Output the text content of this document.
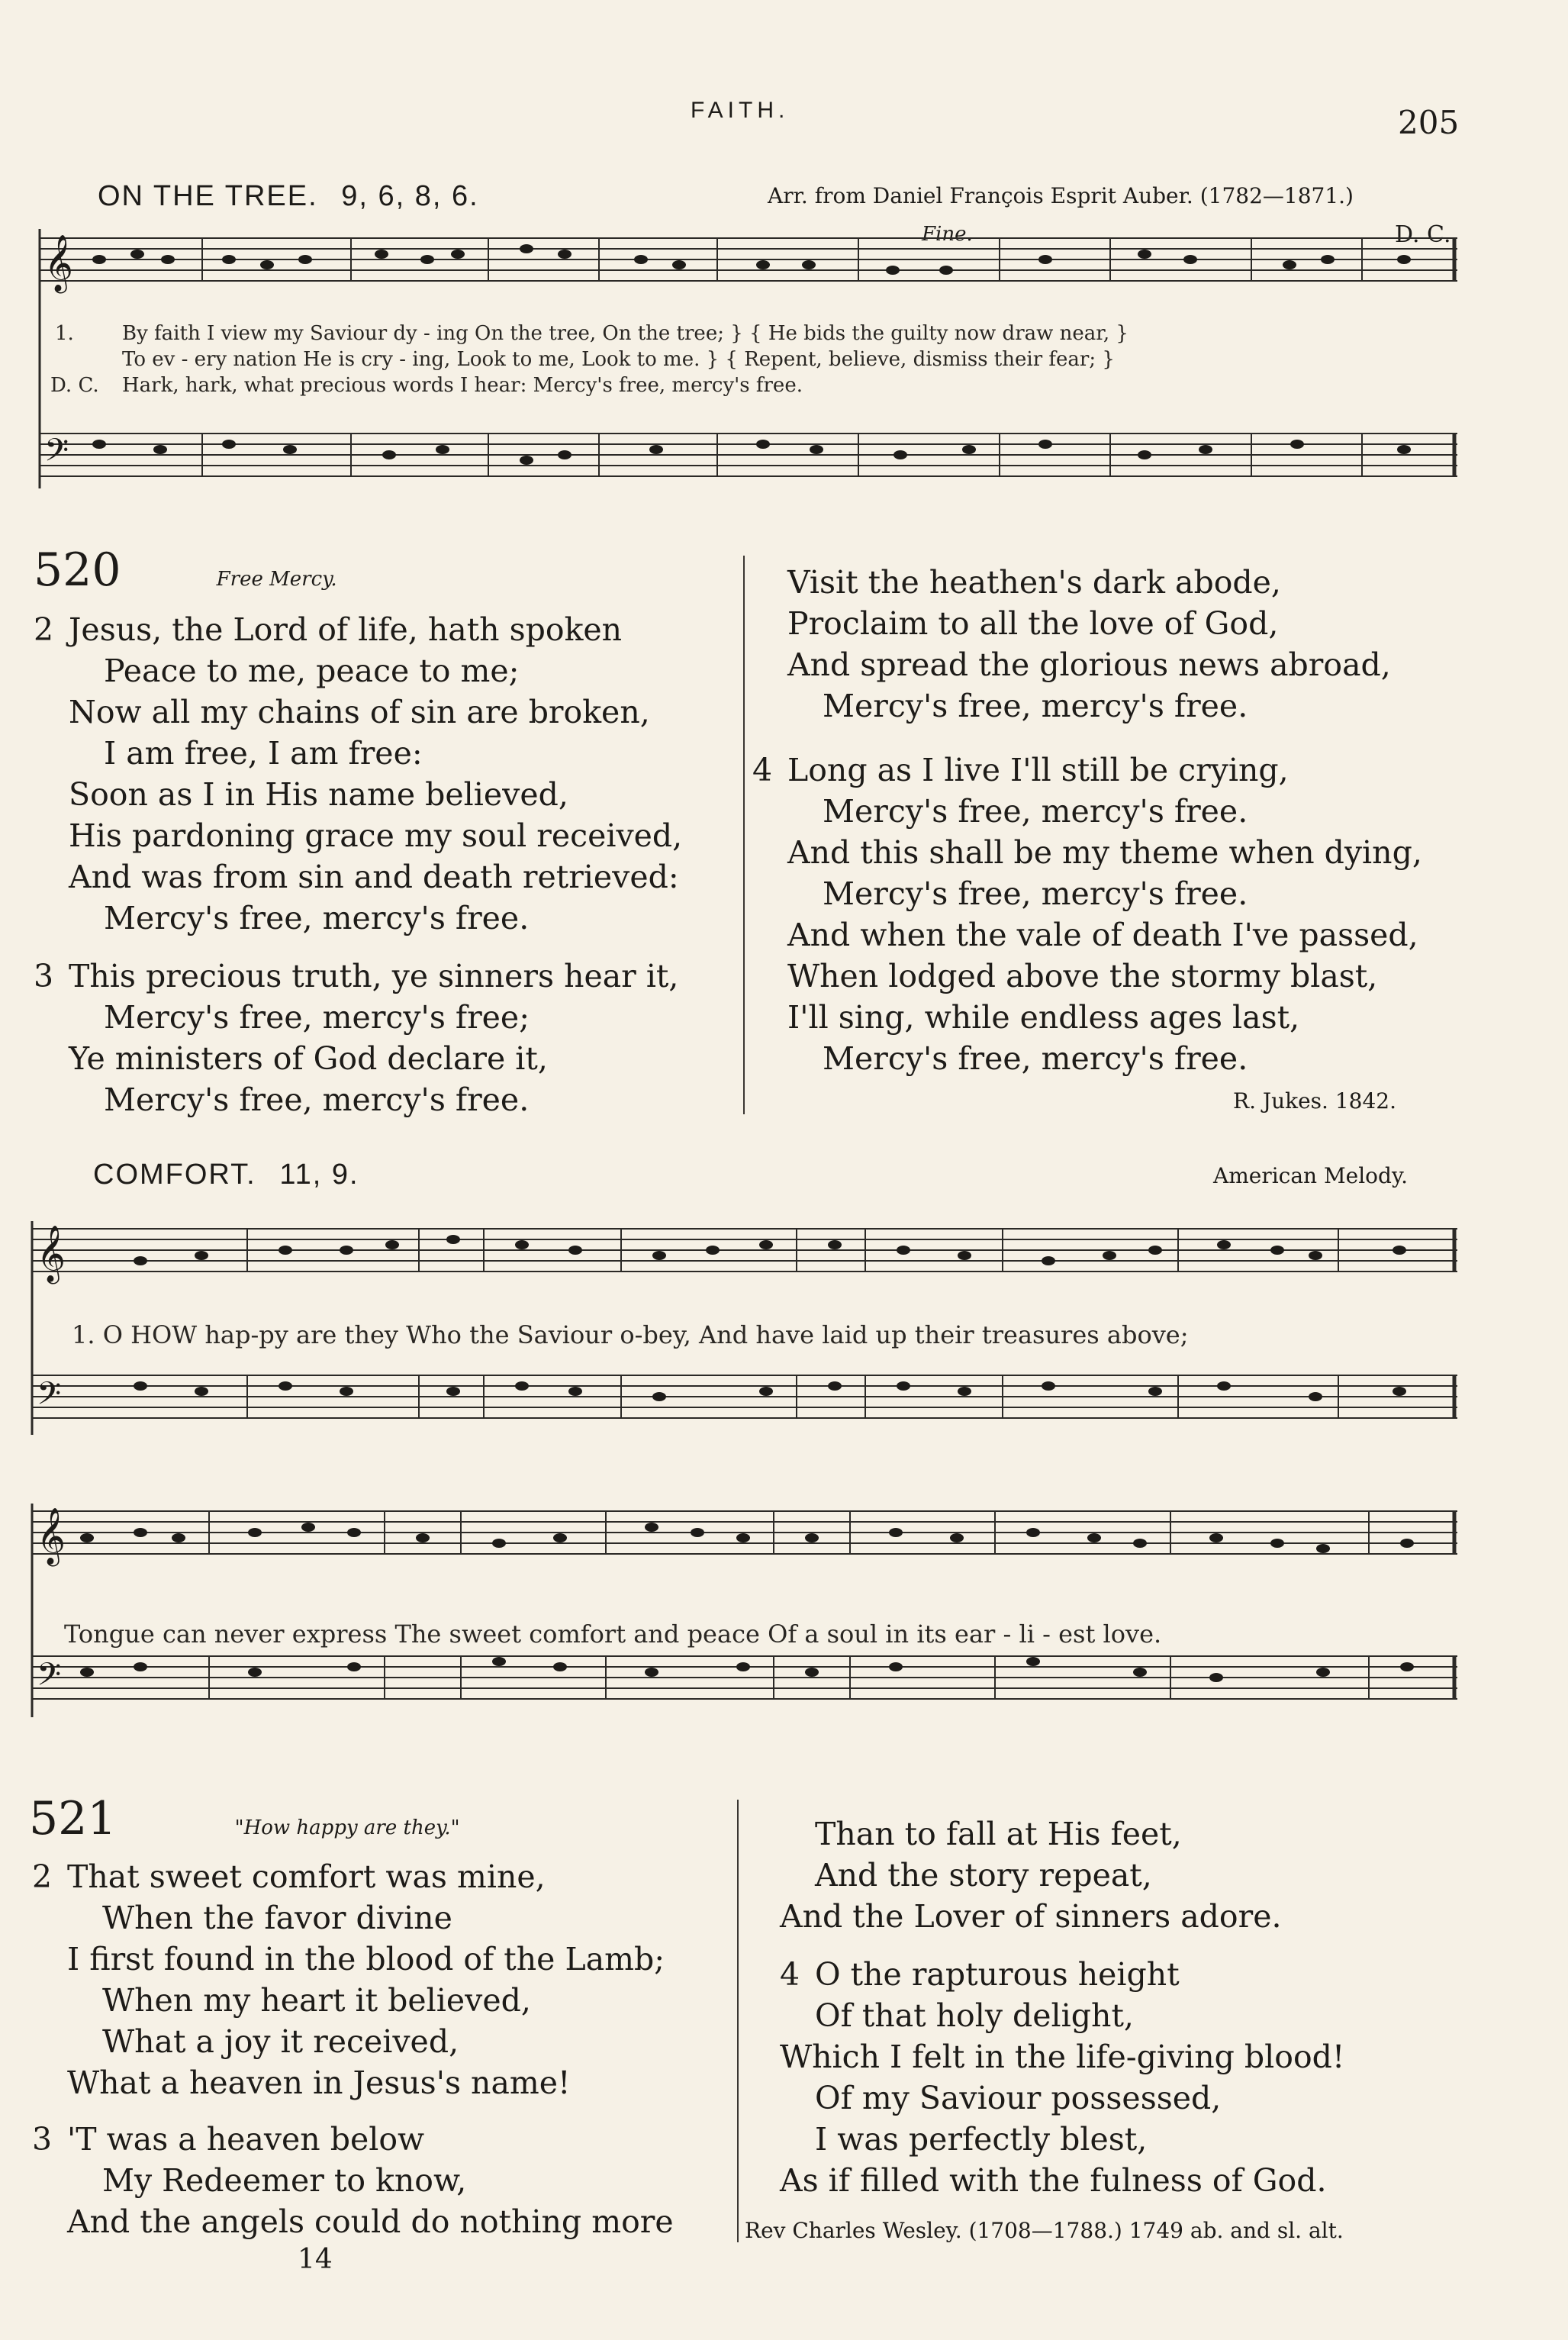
FAITH.	205
ON THE TREE. 9, 6, 8, 6.	Arr. from Daniel François Esprit Auber. (1782—1871.)
Fine.	D. C.
𝄞
𝄢
1. By faith I view my Saviour dy - ing On the tree, On the tree; } { He bids the guilty now draw near, }
To ev - ery nation He is cry - ing, Look to me, Look to me. } { Repent, believe, dismiss their fear; }
D. C. Hark, hark, what precious words I hear: Mercy's free, mercy's free.
520	Free Mercy.
2 Jesus, the Lord of life, hath spoken
Peace to me, peace to me;
Now all my chains of sin are broken,
I am free, I am free:
Soon as I in His name believed,
His pardoning grace my soul received,
And was from sin and death retrieved:
Mercy's free, mercy's free.
3 This precious truth, ye sinners hear it,
Mercy's free, mercy's free;
Ye ministers of God declare it,
Mercy's free, mercy's free.
Visit the heathen's dark abode,
Proclaim to all the love of God,
And spread the glorious news abroad,
Mercy's free, mercy's free.
4 Long as I live I'll still be crying,
Mercy's free, mercy's free.
And this shall be my theme when dying,
Mercy's free, mercy's free.
And when the vale of death I've passed,
When lodged above the stormy blast,
I'll sing, while endless ages last,
Mercy's free, mercy's free.
R. Jukes. 1842.
COMFORT. 11, 9.	American Melody.
𝄞
𝄢
1. O HOW hap-py are they Who the Saviour o-bey, And have laid up their treasures above;
𝄞
𝄢
Tongue can never express The sweet comfort and peace Of a soul in its ear - li - est love.
521	"How happy are they."
2 That sweet comfort was mine,
When the favor divine
I first found in the blood of the Lamb;
When my heart it believed,
What a joy it received,
What a heaven in Jesus's name!
3 'T was a heaven below
My Redeemer to know,
And the angels could do nothing more
Than to fall at His feet,
And the story repeat,
And the Lover of sinners adore.
4 O the rapturous height
Of that holy delight,
Which I felt in the life-giving blood!
Of my Saviour possessed,
I was perfectly blest,
As if filled with the fulness of God.
Rev Charles Wesley. (1708—1788.) 1749 ab. and sl. alt.
14
